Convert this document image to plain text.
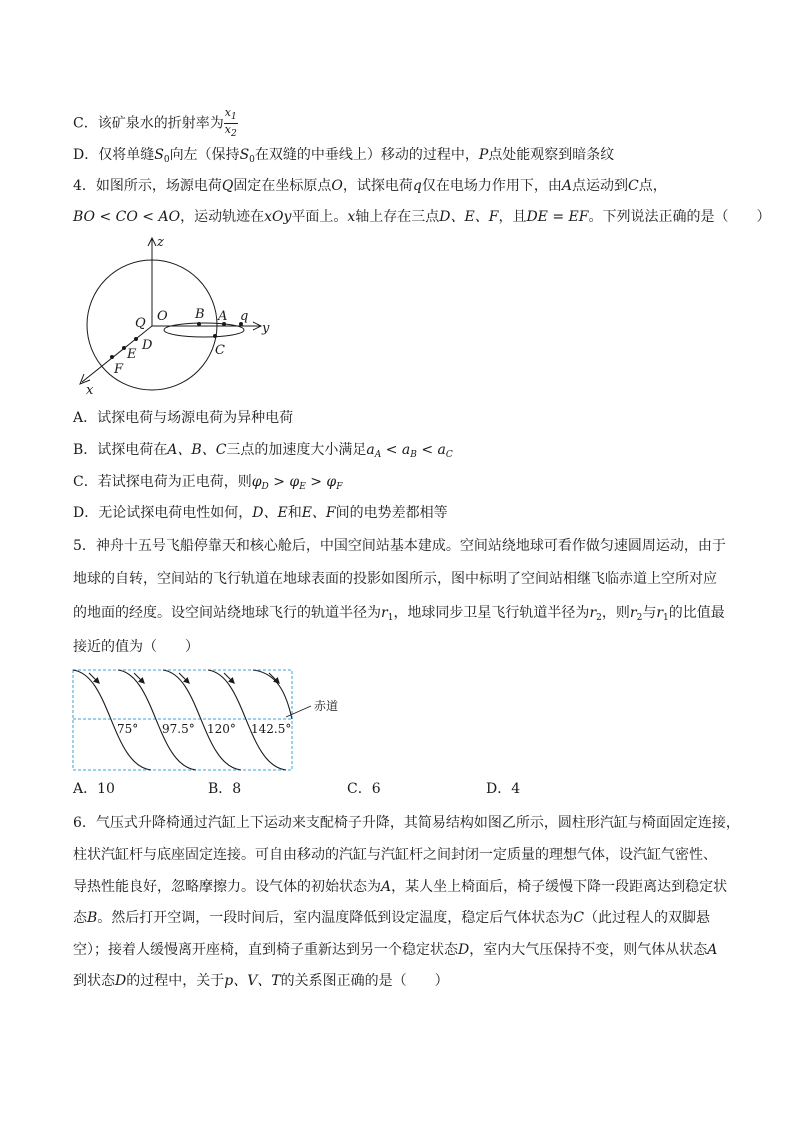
C．该矿泉水的折射率为 $\frac{x_1}{x_2}$
D．仅将单缝$S_0$向左（保持$S_0$在双缝的中垂线上）移动的过程中，P点处能观察到暗条纹
4．如图所示，场源电荷Q固定在坐标原点O，试探电荷q仅在电场力作用下，由A点运动到C点，
BO < CO < AO，运动轨迹在xOy平面上。x轴上存在三点D、E、F，且DE = EF。下列说法正确的是（　　）
z
y
x
O
Q
B A q
C
D
E
F
A．试探电荷与场源电荷为异种电荷
B．试探电荷在A、B、C三点的加速度大小满足$a_A < a_B < a_C$
C．若试探电荷为正电荷，则$\varphi_D > \varphi_E > \varphi_F$
D．无论试探电荷电性如何，D、E和E、F间的电势差都相等
5．神舟十五号飞船停靠天和核心舱后，中国空间站基本建成。空间站绕地球可看作做匀速圆周运动，由于
地球的自转，空间站的飞行轨道在地球表面的投影如图所示，图中标明了空间站相继飞临赤道上空所对应
的地面的经度。设空间站绕地球飞行的轨道半径为$r_1$，地球同步卫星飞行轨道半径为$r_2$，则$r_2$与$r_1$的比值最
接近的值为（　　）
赤道
75° 97.5° 120° 142.5°
A．10	B．8	C．6	D．4
6．气压式升降椅通过汽缸上下运动来支配椅子升降，其简易结构如图乙所示，圆柱形汽缸与椅面固定连接，
柱状汽缸杆与底座固定连接。可自由移动的汽缸与汽缸杆之间封闭一定质量的理想气体，设汽缸气密性、
导热性能良好，忽略摩擦力。设气体的初始状态为A，某人坐上椅面后，椅子缓慢下降一段距离达到稳定状
态B。然后打开空调，一段时间后，室内温度降低到设定温度，稳定后气体状态为C（此过程人的双脚悬
空）；接着人缓慢离开座椅，直到椅子重新达到另一个稳定状态D，室内大气压保持不变，则气体从状态A
到状态D的过程中，关于p、V、T的关系图正确的是（　　）
